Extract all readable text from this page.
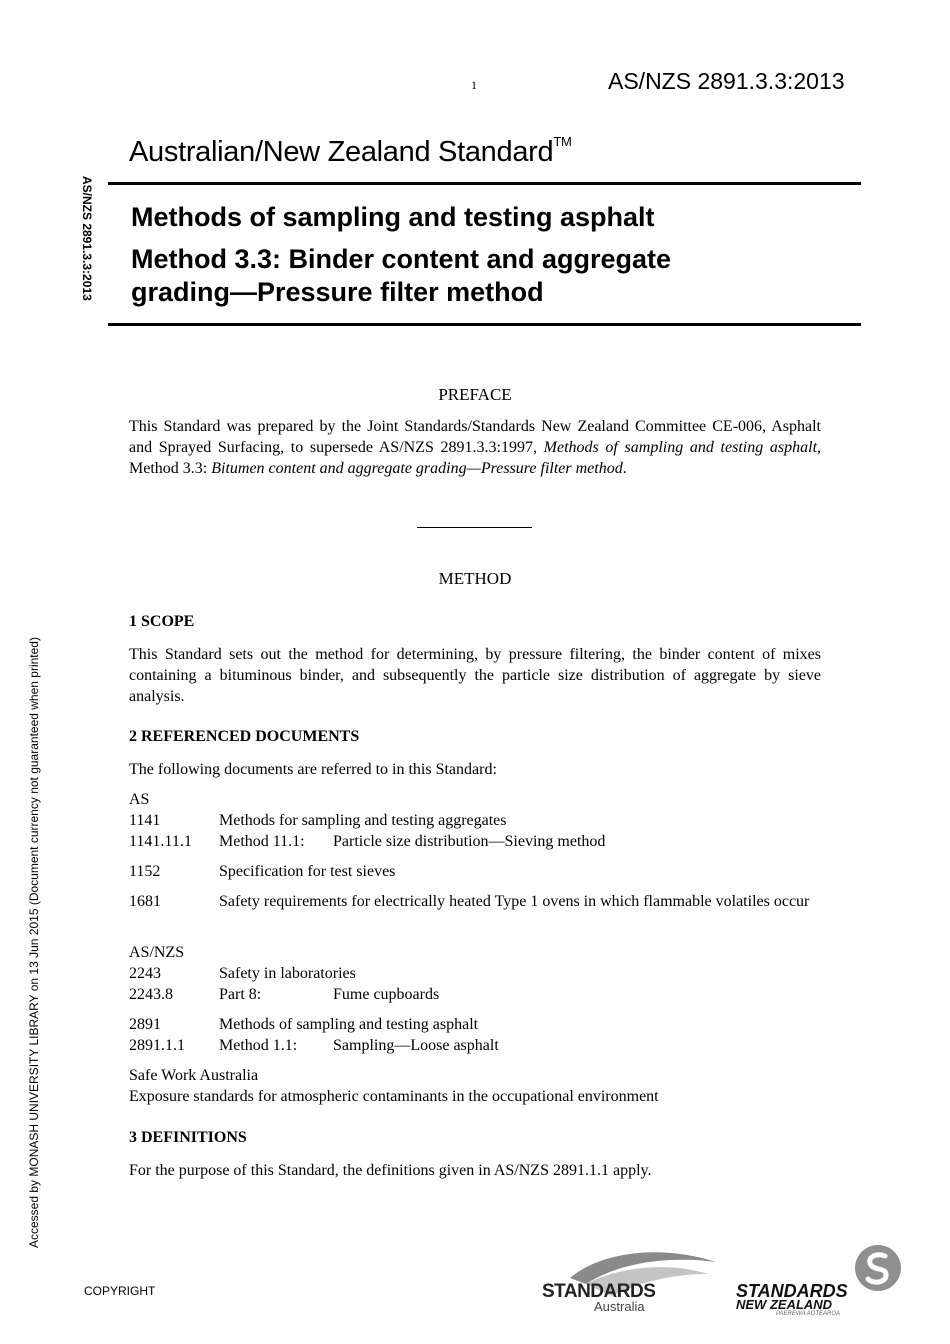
1	AS/NZS 2891.3.3:2013
Australian/New Zealand Standard™
Methods of sampling and testing asphalt
Method 3.3: Binder content and aggregate
grading—Pressure filter method
AS/NZS 2891.3.3:2013
Accessed by MONASH UNIVERSITY LIBRARY on 13 Jun 2015 (Document currency not guaranteed when printed)
PREFACE
This Standard was prepared by the Joint Standards/Standards New Zealand Committee CE-006, Asphalt and Sprayed Surfacing, to supersede AS/NZS 2891.3.3:1997, Methods of sampling and testing asphalt, Method 3.3: Bitumen content and aggregate grading—Pressure filter method.
METHOD
1 SCOPE
This Standard sets out the method for determining, by pressure filtering, the binder content of mixes containing a bituminous binder, and subsequently the particle size distribution of aggregate by sieve analysis.
2 REFERENCED DOCUMENTS
The following documents are referred to in this Standard:
AS
1141	Methods for sampling and testing aggregates
1141.11.1 Method 11.1:	Particle size distribution—Sieving method
1152	Specification for test sieves
1681	Safety requirements for electrically heated Type 1 ovens in which flammable volatiles occur
AS/NZS
2243	Safety in laboratories
2243.8	Part 8:	Fume cupboards
2891	Methods of sampling and testing asphalt
2891.1.1 Method 1.1:	Sampling—Loose asphalt
Safe Work Australia
Exposure standards for atmospheric contaminants in the occupational environment
3 DEFINITIONS
For the purpose of this Standard, the definitions given in AS/NZS 2891.1.1 apply.
COPYRIGHT	STANDARDS
Australia
STANDARDS
NEW ZEALAND
PAEREWA AOTEAROA
